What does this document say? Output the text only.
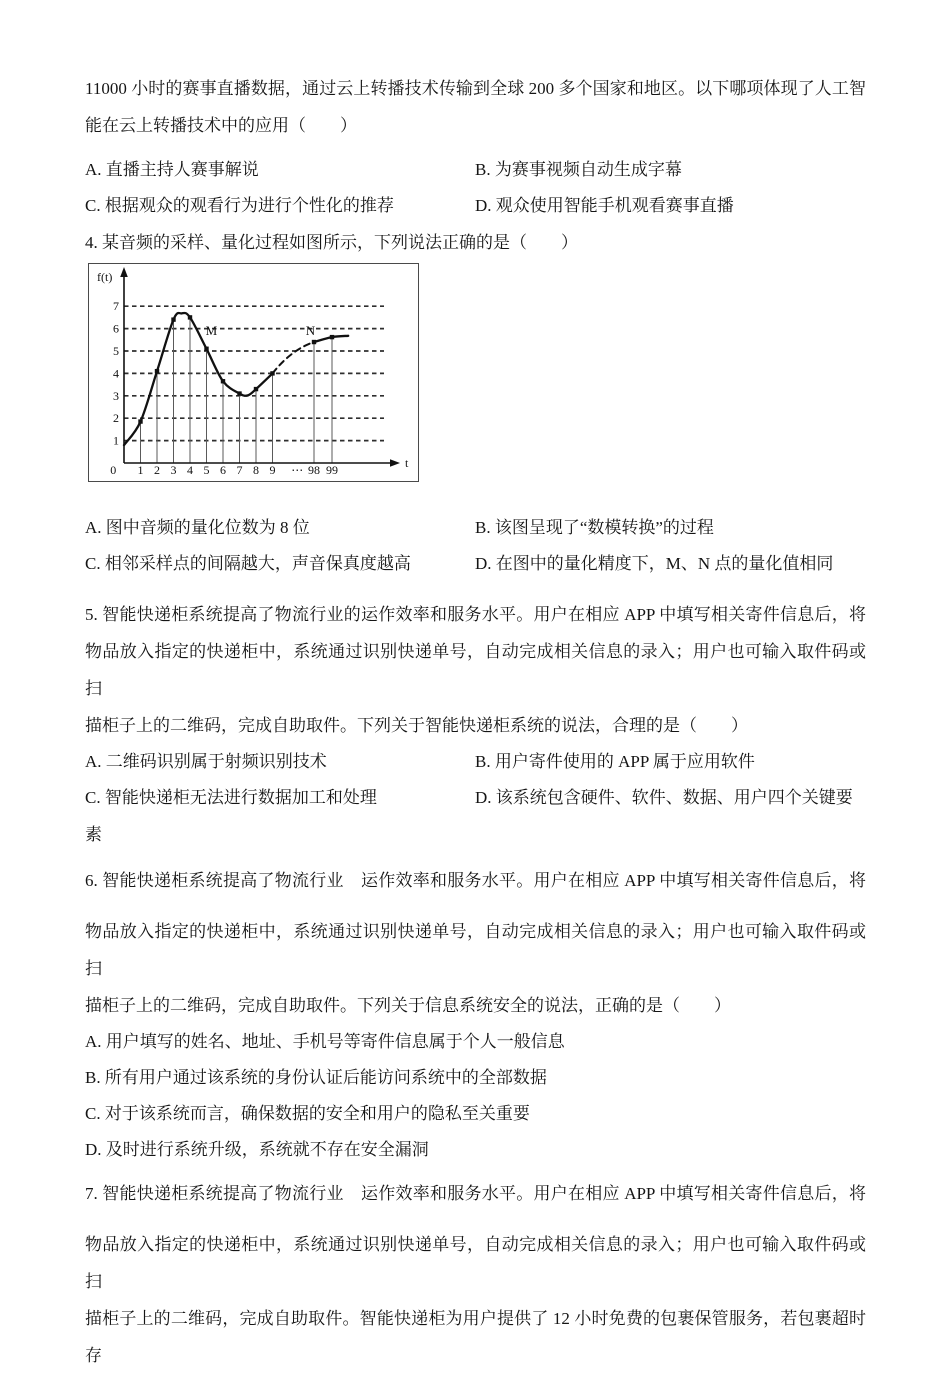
11000 小时的赛事直播数据，通过云上转播技术传输到全球 200 多个国家和地区。以下哪项体现了人工智
能在云上转播技术中的应用（　　）
A. 直播主持人赛事解说	B. 为赛事视频自动生成字幕
C. 根据观众的观看行为进行个性化的推荐	D. 观众使用智能手机观看赛事直播
4. 某音频的采样、量化过程如图所示，下列说法正确的是（　　）
1
2
3
4
5
6
7
f(t)
t
0 1 2 3 4 5 6 7 8 9 ⋯ 98 99
M	N
A. 图中音频的量化位数为 8 位	B. 该图呈现了“数模转换”的过程
C. 相邻采样点的间隔越大，声音保真度越高	D. 在图中的量化精度下，M、N 点的量化值相同
5. 智能快递柜系统提高了物流行业的运作效率和服务水平。用户在相应 APP 中填写相关寄件信息后，将
物品放入指定的快递柜中，系统通过识别快递单号，自动完成相关信息的录入；用户也可输入取件码或扫
描柜子上的二维码，完成自助取件。下列关于智能快递柜系统的说法，合理的是（　　）
A. 二维码识别属于射频识别技术	B. 用户寄件使用的 APP 属于应用软件
C. 智能快递柜无法进行数据加工和处理	D. 该系统包含硬件、软件、数据、用户四个关键要
素
6. 智能快递柜系统提高了物流行业　运作效率和服务水平。用户在相应 APP 中填写相关寄件信息后，将
物品放入指定的快递柜中，系统通过识别快递单号，自动完成相关信息的录入；用户也可输入取件码或扫
描柜子上的二维码，完成自助取件。下列关于信息系统安全的说法，正确的是（　　）
A. 用户填写的姓名、地址、手机号等寄件信息属于个人一般信息
B. 所有用户通过该系统的身份认证后能访问系统中的全部数据
C. 对于该系统而言，确保数据的安全和用户的隐私至关重要
D. 及时进行系统升级，系统就不存在安全漏洞
7. 智能快递柜系统提高了物流行业　运作效率和服务水平。用户在相应 APP 中填写相关寄件信息后，将
物品放入指定的快递柜中，系统通过识别快递单号，自动完成相关信息的录入；用户也可输入取件码或扫
描柜子上的二维码，完成自助取件。智能快递柜为用户提供了 12 小时免费的包裹保管服务，若包裹超时存
